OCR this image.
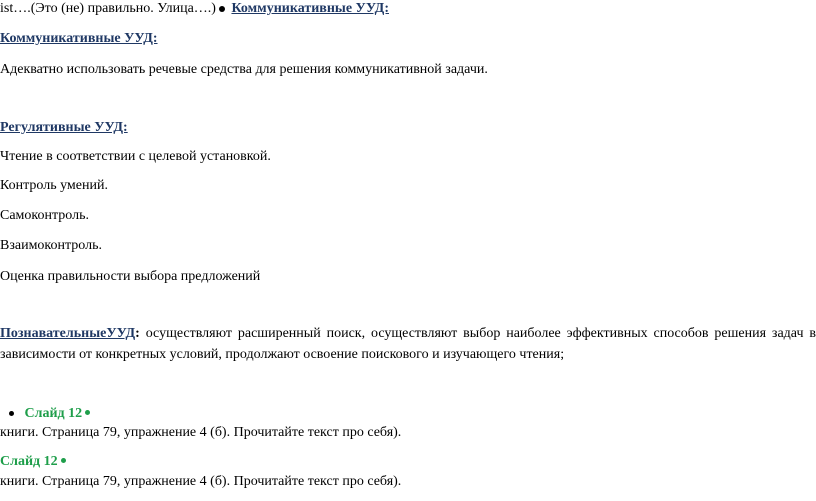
ist….(Это (не) правильно. Улица….) Коммуникативные УУД:
Коммуникативные УУД:
Адекватно использовать речевые средства для решения коммуникативной задачи.
Регулятивные УУД:
Чтение в соответствии с целевой установкой.
Контроль умений.
Самоконтроль.
Взаимоконтроль.
Оценка правильности выбора предложений
ПознавательныеУУД: осуществляют расширенный поиск, осуществляют выбор наиболее эффективных способов решения задач в
зависимости от конкретных условий, продолжают освоение поискового и изучающего чтения;
Слайд 12
книги. Страница 79, упражнение 4 (б). Прочитайте текст про себя).
Слайд 12
книги. Страница 79, упражнение 4 (б). Прочитайте текст про себя).
